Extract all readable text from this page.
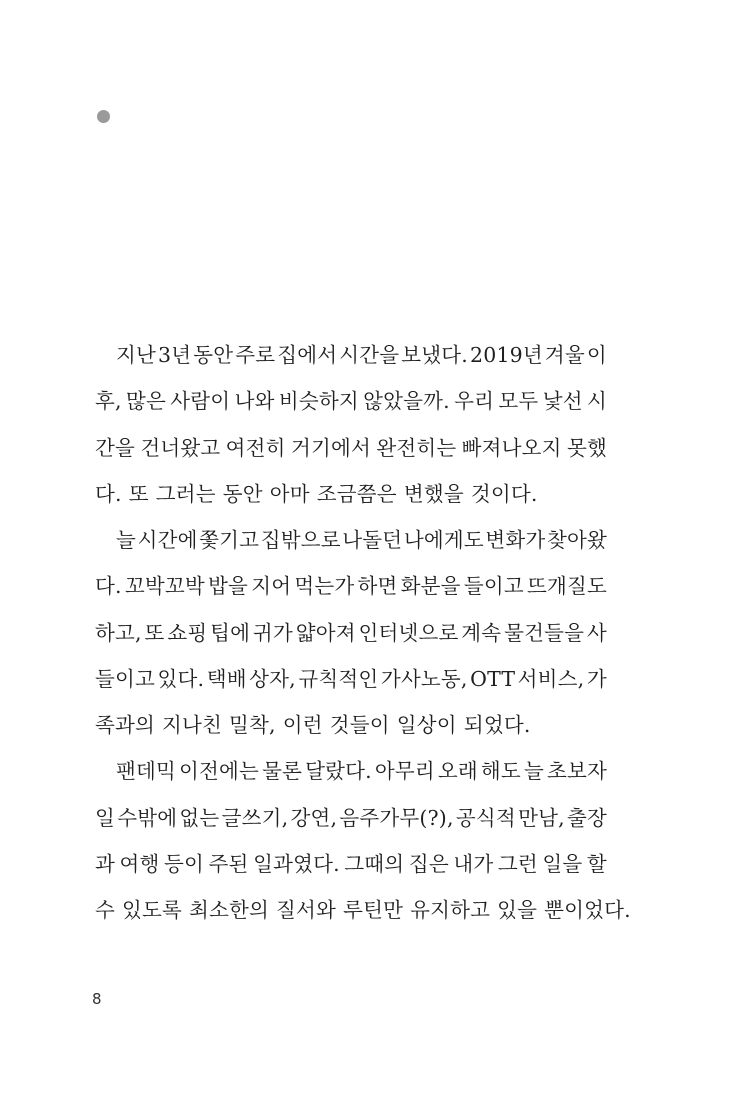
지난 3년 동안 주로 집에서 시간을 보냈다. 2019년 겨울 이
후, 많은 사람이 나와 비슷하지 않았을까. 우리 모두 낯선 시
간을 건너왔고 여전히 거기에서 완전히는 빠져나오지 못했
다. 또 그러는 동안 아마 조금쯤은 변했을 것이다.
늘 시간에 쫓기고 집밖으로 나돌던 나에게도 변화가 찾아왔
다. 꼬박꼬박 밥을 지어 먹는가 하면 화분을 들이고 뜨개질도
하고, 또 쇼핑 팁에 귀가 얇아져 인터넷으로 계속 물건들을 사
들이고 있다. 택배 상자, 규칙적인 가사노동, OTT 서비스, 가
족과의 지나친 밀착, 이런 것들이 일상이 되었다.
팬데믹 이전에는 물론 달랐다. 아무리 오래 해도 늘 초보자
일 수밖에 없는 글쓰기, 강연, 음주가무(?), 공식적 만남, 출장
과 여행 등이 주된 일과였다. 그때의 집은 내가 그런 일을 할
수 있도록 최소한의 질서와 루틴만 유지하고 있을 뿐이었다.
8
